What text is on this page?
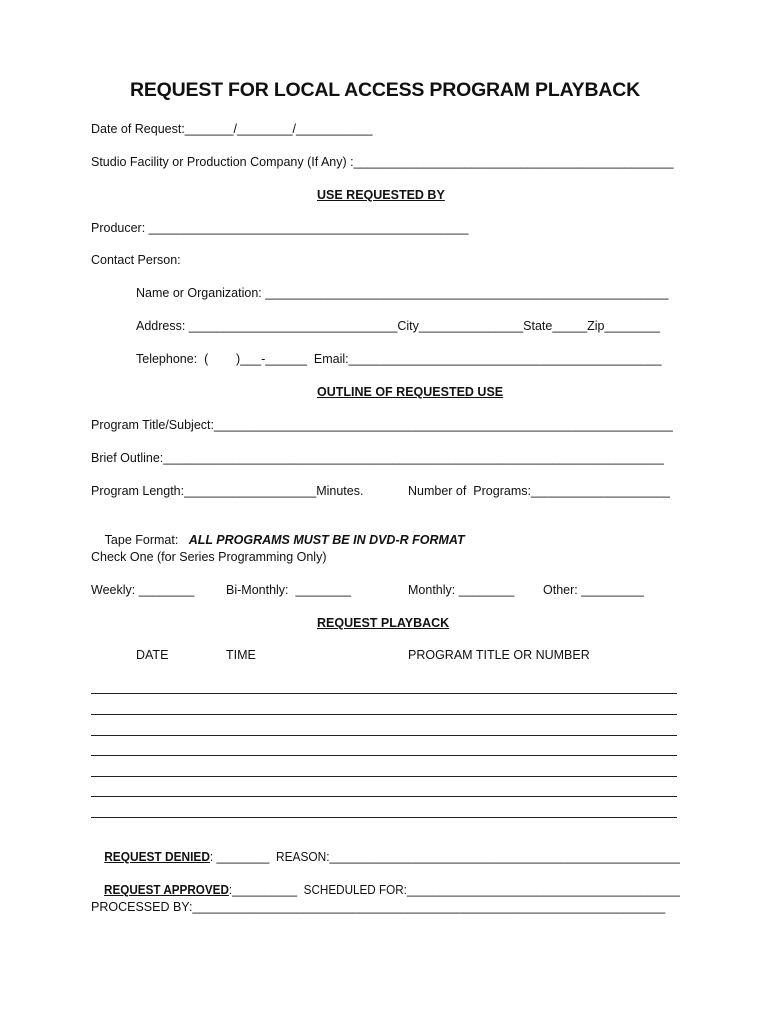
REQUEST FOR LOCAL ACCESS PROGRAM PLAYBACK
Date of Request:_______/________/___________
Studio Facility or Production Company (If Any) :______________________________________________
USE REQUESTED BY
Producer: ______________________________________________
Contact Person:
Name or Organization: __________________________________________________________
Address: ______________________________City_______________State_____Zip________
Telephone:  (        )___-______  Email:_____________________________________________
OUTLINE OF REQUESTED USE
Program Title/Subject:__________________________________________________________________
Brief Outline:________________________________________________________________________
Program Length:___________________Minutes.	Number of  Programs:____________________

Tape Format: ALL PROGRAMS MUST BE IN DVD-R FORMAT

Check One (for Series Programming Only)
Weekly: ________	Bi-Monthly:  ________	Monthly: ________ Other: _________
REQUEST PLAYBACK
DATE	TIME	PROGRAM TITLE OR NUMBER

REQUEST DENIED: ________  REASON:_____________________________________________________

REQUEST APPROVED:__________  SCHEDULED FOR:__________________________________________

PROCESSED BY:____________________________________________________________________
